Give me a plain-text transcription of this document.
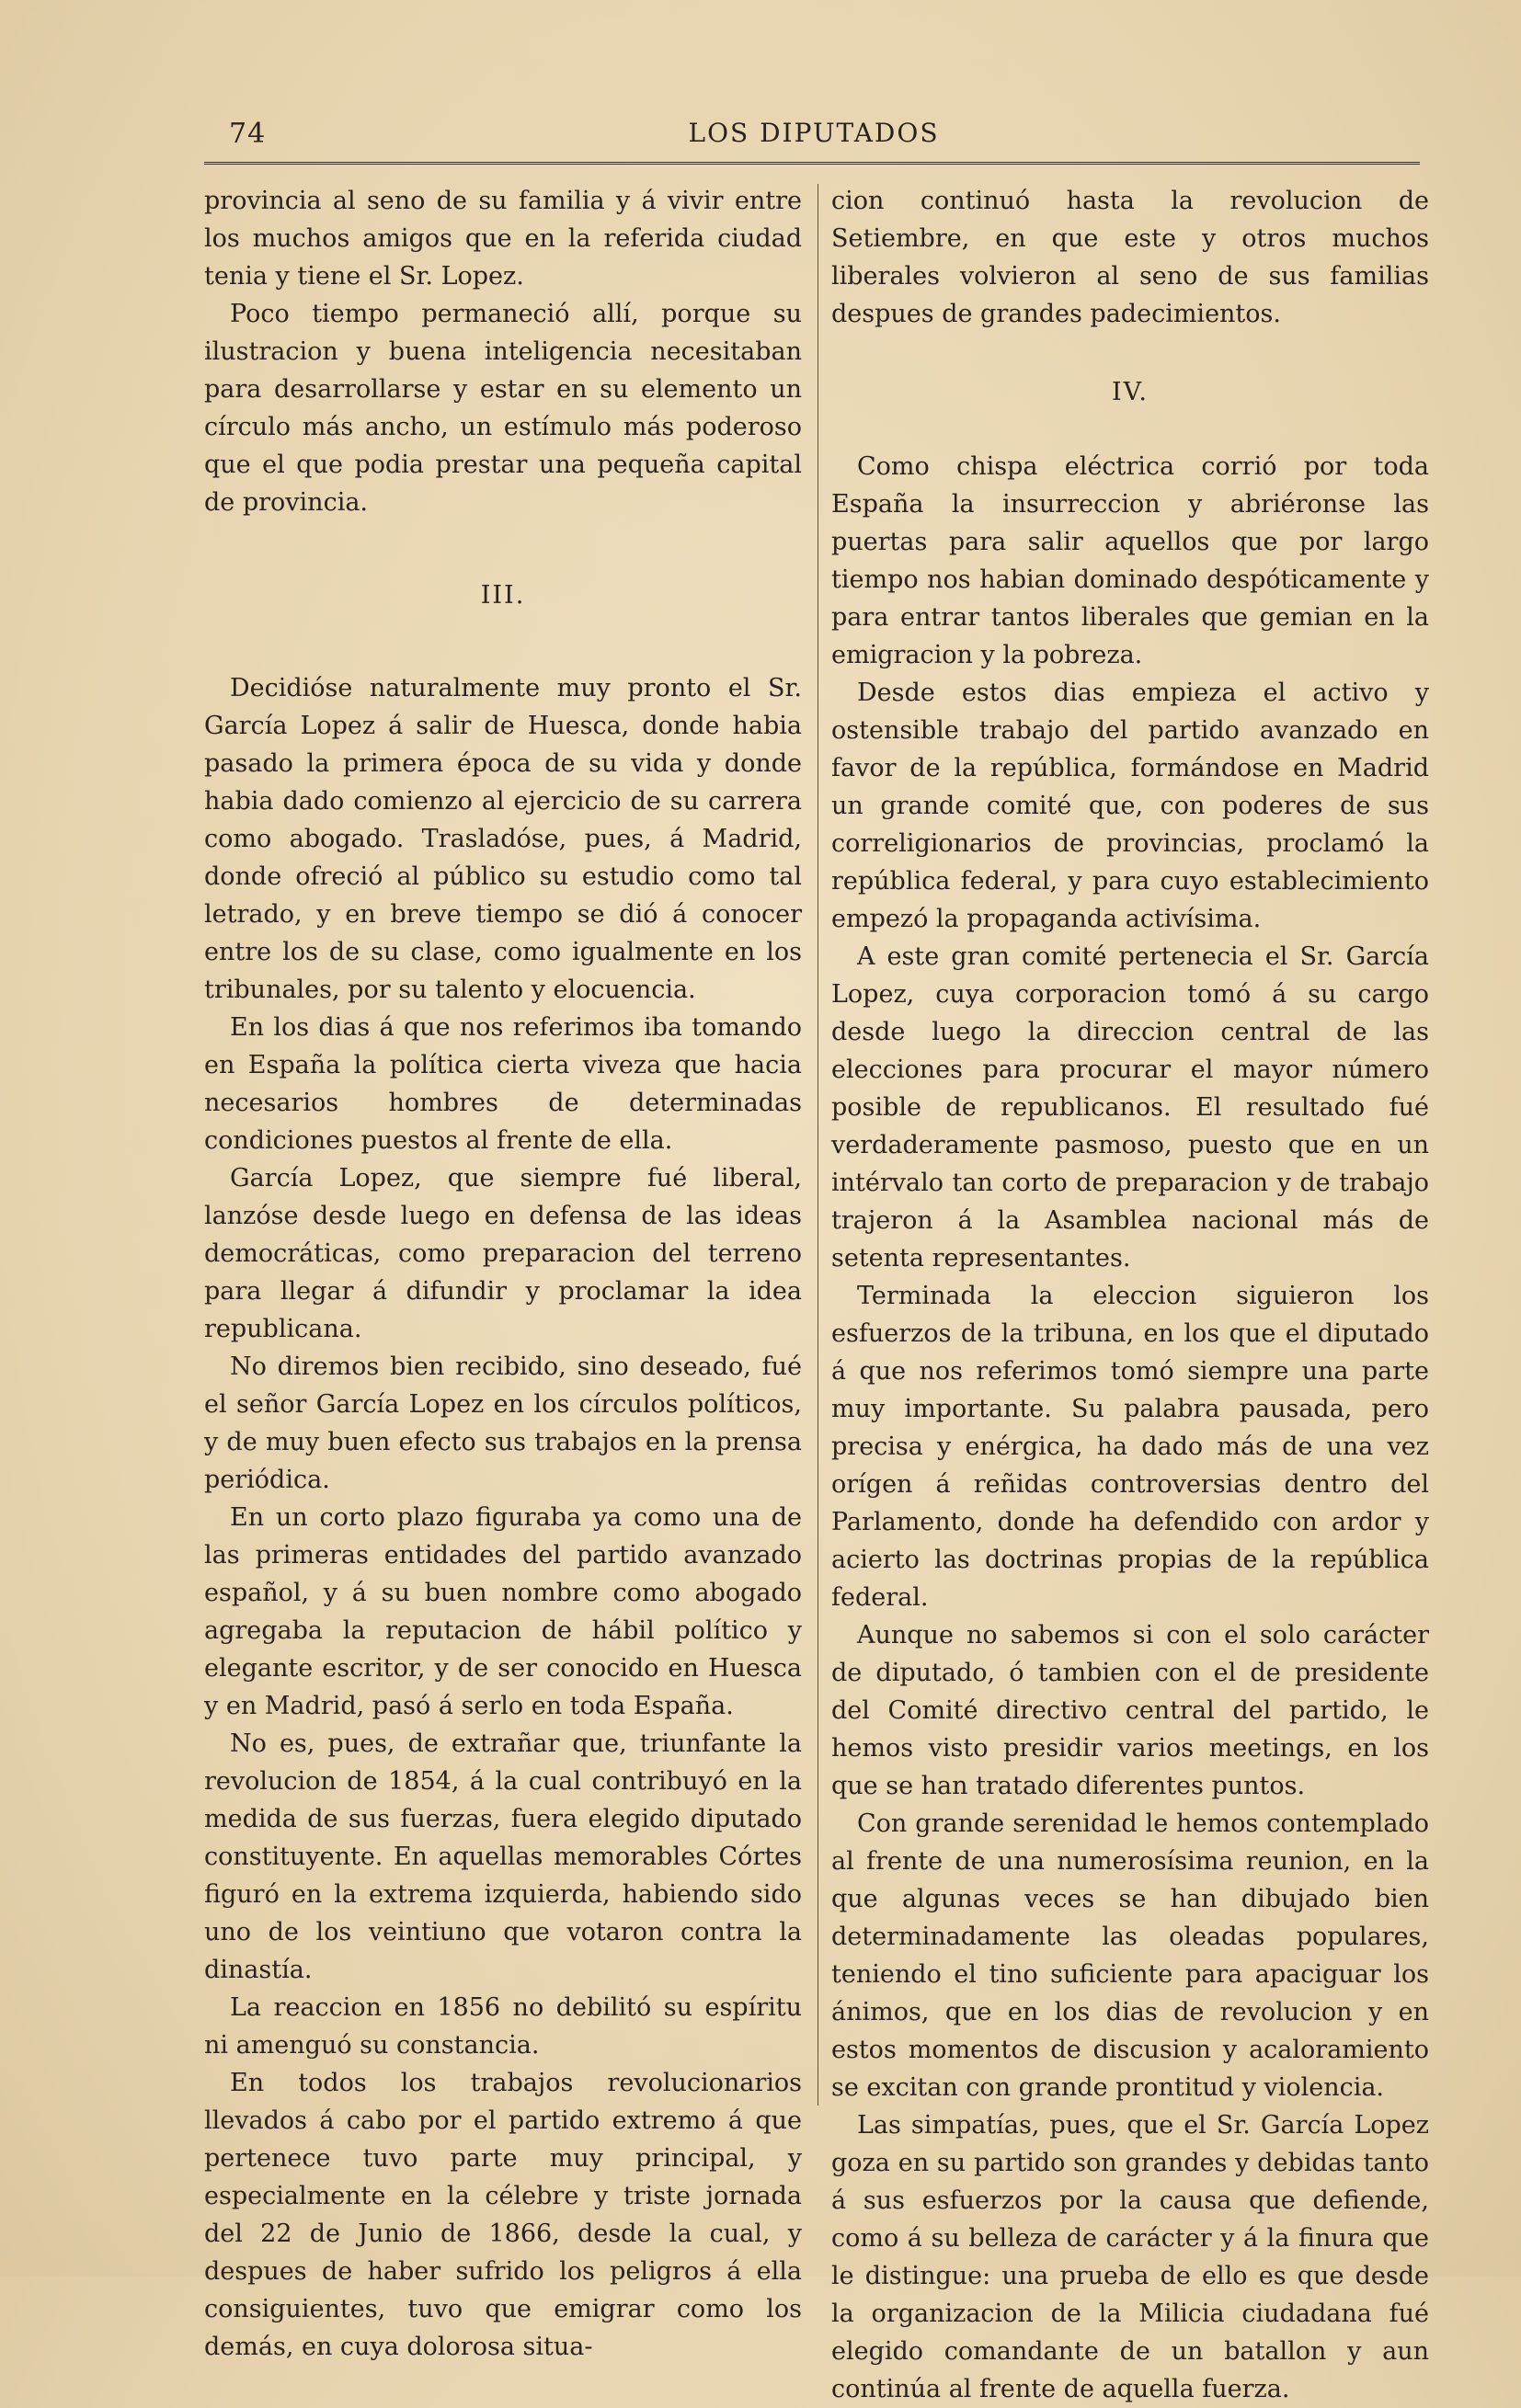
74	LOS DIPUTADOS

provincia al seno de su familia y á vivir entre los muchos amigos que en la referida ciudad tenia y tiene el Sr. Lopez.

Poco tiempo permaneció allí, porque su ilustracion y buena inteligencia necesitaban para desarrollarse y estar en su elemento un círculo más ancho, un estímulo más poderoso que el que podia prestar una pequeña capital de provincia.

III.

Decidióse naturalmente muy pronto el Sr. García Lopez á salir de Huesca, donde habia pasado la primera época de su vida y donde habia dado comienzo al ejercicio de su carrera como abogado. Trasladóse, pues, á Madrid, donde ofreció al público su estudio como tal letrado, y en breve tiempo se dió á conocer entre los de su clase, como igualmente en los tribunales, por su talento y elocuencia.

En los dias á que nos referimos iba tomando en España la política cierta viveza que hacia necesarios hombres de determinadas condiciones puestos al frente de ella.

García Lopez, que siempre fué liberal, lanzóse desde luego en defensa de las ideas democráticas, como preparacion del terreno para llegar á difundir y proclamar la idea republicana.

No diremos bien recibido, sino deseado, fué el señor García Lopez en los círculos políticos, y de muy buen efecto sus trabajos en la prensa periódica.

En un corto plazo figuraba ya como una de las primeras entidades del partido avanzado español, y á su buen nombre como abogado agregaba la reputacion de hábil político y elegante escritor, y de ser conocido en Huesca y en Madrid, pasó á serlo en toda España.

No es, pues, de extrañar que, triunfante la revolucion de 1854, á la cual contribuyó en la medida de sus fuerzas, fuera elegido diputado constituyente. En aquellas memorables Córtes figuró en la extrema izquierda, habiendo sido uno de los veintiuno que votaron contra la dinastía.

La reaccion en 1856 no debilitó su espíritu ni amenguó su constancia.

En todos los trabajos revolucionarios llevados á cabo por el partido extremo á que pertenece tuvo parte muy principal, y especialmente en la célebre y triste jornada del 22 de Junio de 1866, desde la cual, y despues de haber sufrido los peligros á ella consiguientes, tuvo que emigrar como los demás, en cuya dolorosa situa-

cion continuó hasta la revolucion de Setiembre, en que este y otros muchos liberales volvieron al seno de sus familias despues de grandes padecimientos.

IV.

Como chispa eléctrica corrió por toda España la insurreccion y abriéronse las puertas para salir aquellos que por largo tiempo nos habian dominado despóticamente y para entrar tantos liberales que gemian en la emigracion y la pobreza.

Desde estos dias empieza el activo y ostensible trabajo del partido avanzado en favor de la república, formándose en Madrid un grande comité que, con poderes de sus correligionarios de provincias, proclamó la república federal, y para cuyo establecimiento empezó la propaganda activísima.

A este gran comité pertenecia el Sr. García Lopez, cuya corporacion tomó á su cargo desde luego la direccion central de las elecciones para procurar el mayor número posible de republicanos. El resultado fué verdaderamente pasmoso, puesto que en un intérvalo tan corto de preparacion y de trabajo trajeron á la Asamblea nacional más de setenta representantes.

Terminada la eleccion siguieron los esfuerzos de la tribuna, en los que el diputado á que nos referimos tomó siempre una parte muy importante. Su palabra pausada, pero precisa y enérgica, ha dado más de una vez orígen á reñidas controversias dentro del Parlamento, donde ha defendido con ardor y acierto las doctrinas propias de la república federal.

Aunque no sabemos si con el solo carácter de diputado, ó tambien con el de presidente del Comité directivo central del partido, le hemos visto presidir varios meetings, en los que se han tratado diferentes puntos.

Con grande serenidad le hemos contemplado al frente de una numerosísima reunion, en la que algunas veces se han dibujado bien determinadamente las oleadas populares, teniendo el tino suficiente para apaciguar los ánimos, que en los dias de revolucion y en estos momentos de discusion y acaloramiento se excitan con grande prontitud y violencia.

Las simpatías, pues, que el Sr. García Lopez goza en su partido son grandes y debidas tanto á sus esfuerzos por la causa que defiende, como á su belleza de carácter y á la finura que le distingue: una prueba de ello es que desde la organizacion de la Milicia ciudadana fué elegido comandante de un batallon y aun continúa al frente de aquella fuerza.
